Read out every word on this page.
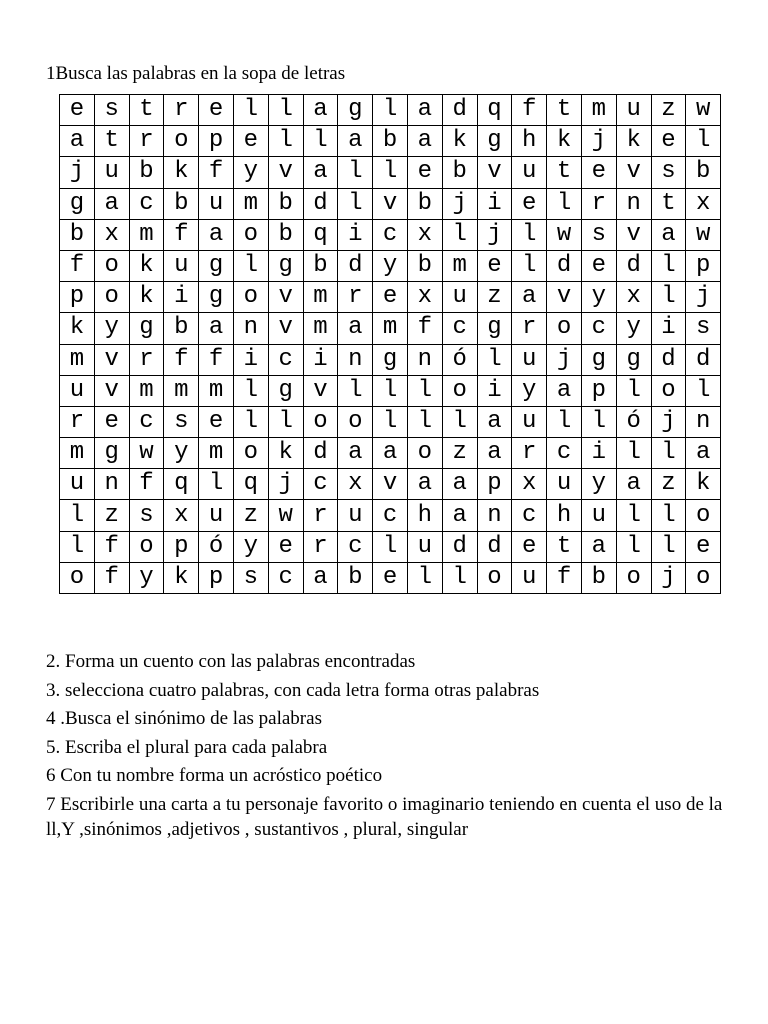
1Busca las palabras en la sopa de letras
e	s	t	r	e	l	l	a	g	l	a	d	q	f	t	m	u	z	w
a	t	r	o	p	e	l	l	a	b	a	k	g	h	k	j	k	e	l
j	u	b	k	f	y	v	a	l	l	e	b	v	u	t	e	v	s	b
g	a	c	b	u	m	b	d	l	v	b	j	i	e	l	r	n	t	x
b	x	m	f	a	o	b	q	i	c	x	l	j	l	w	s	v	a	w
f	o	k	u	g	l	g	b	d	y	b	m	e	l	d	e	d	l	p
p	o	k	i	g	o	v	m	r	e	x	u	z	a	v	y	x	l	j
k	y	g	b	a	n	v	m	a	m	f	c	g	r	o	c	y	i	s
m	v	r	f	f	i	c	i	n	g	n	ó	l	u	j	g	g	d	d
u	v	m	m	m	l	g	v	l	l	l	o	i	y	a	p	l	o	l
r	e	c	s	e	l	l	o	o	l	l	l	a	u	l	l	ó	j	n
m	g	w	y	m	o	k	d	a	a	o	z	a	r	c	i	l	l	a
u	n	f	q	l	q	j	c	x	v	a	a	p	x	u	y	a	z	k
l	z	s	x	u	z	w	r	u	c	h	a	n	c	h	u	l	l	o
l	f	o	p	ó	y	e	r	c	l	u	d	d	e	t	a	l	l	e
o	f	y	k	p	s	c	a	b	e	l	l	o	u	f	b	o	j	o

2. Forma un cuento con las palabras encontradas

3. selecciona cuatro palabras, con cada letra forma otras palabras

4 .Busca el sinónimo de las palabras

5. Escriba el plural para cada palabra

6 Con tu nombre forma un acróstico poético

7 Escribirle una carta a tu personaje favorito o imaginario teniendo en cuenta el uso de la ll,Y ,sinónimos ,adjetivos , sustantivos , plural, singular
